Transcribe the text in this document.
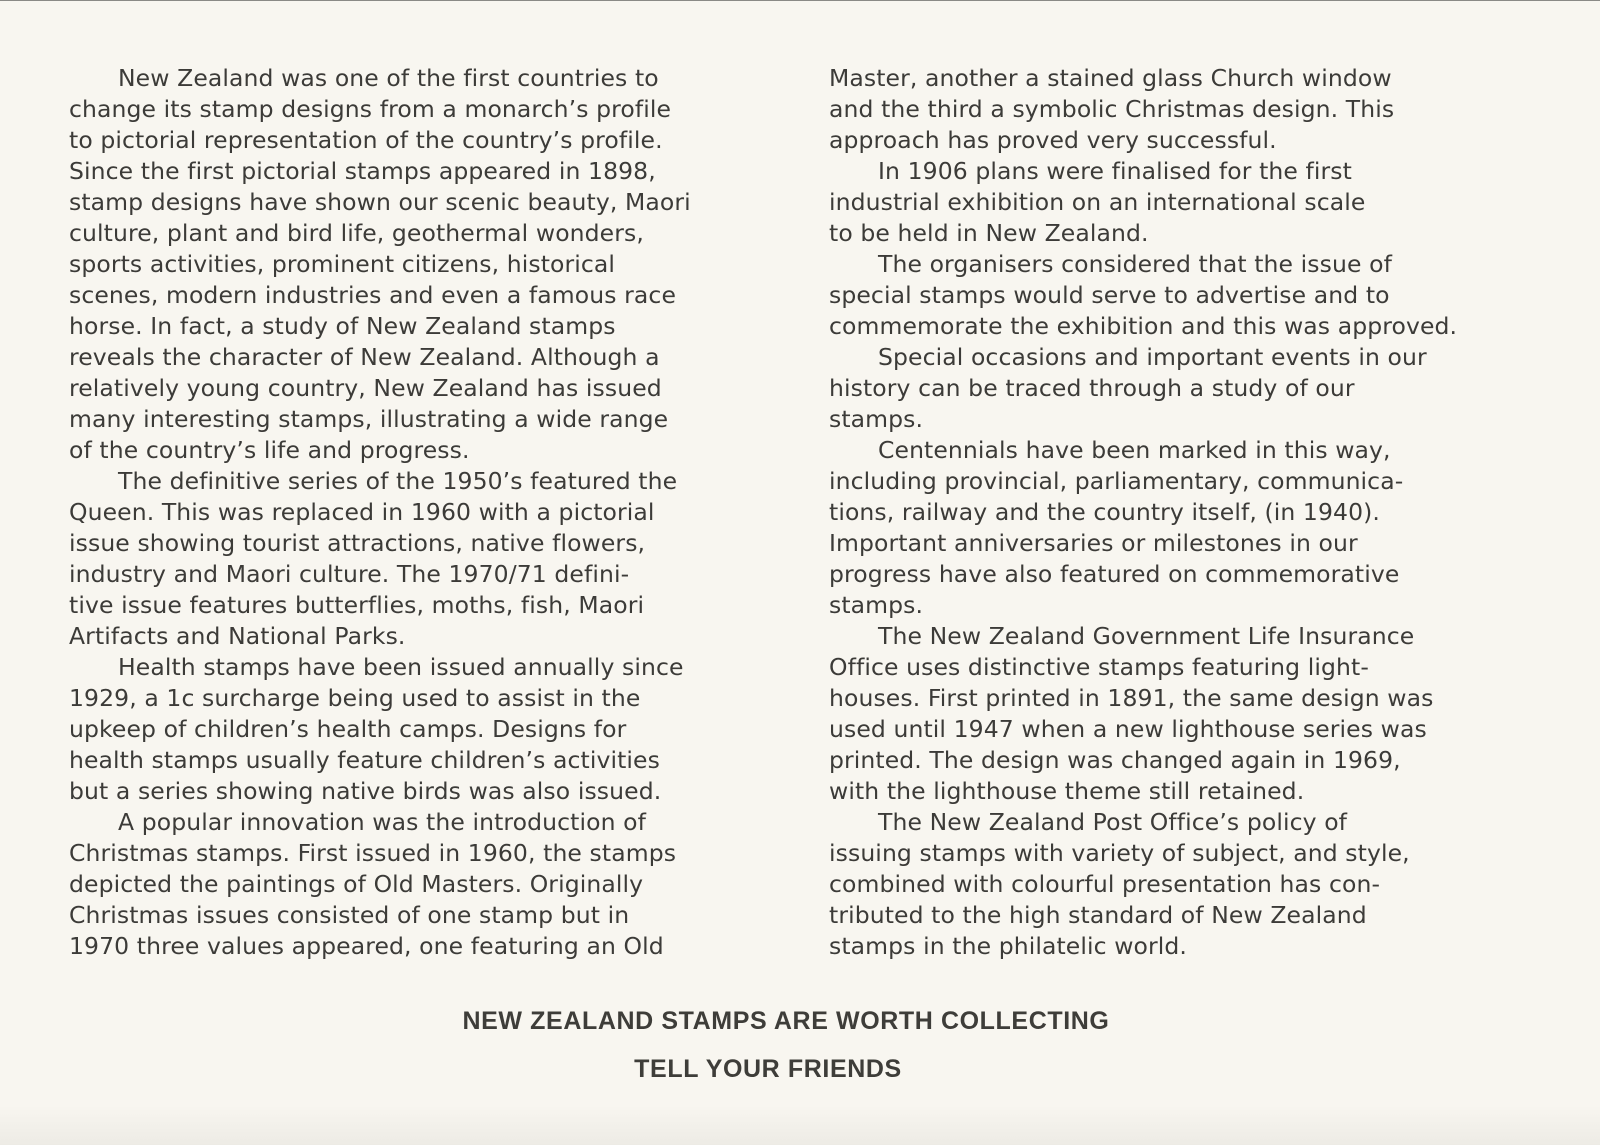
New Zealand was one of the first countries to
change its stamp designs from a monarch’s profile
to pictorial representation of the country’s profile.
Since the first pictorial stamps appeared in 1898,
stamp designs have shown our scenic beauty, Maori
culture, plant and bird life, geothermal wonders,
sports activities, prominent citizens, historical
scenes, modern industries and even a famous race
horse. In fact, a study of New Zealand stamps
reveals the character of New Zealand. Although a
relatively young country, New Zealand has issued
many interesting stamps, illustrating a wide range
of the country’s life and progress.
The definitive series of the 1950’s featured the
Queen. This was replaced in 1960 with a pictorial
issue showing tourist attractions, native flowers,
industry and Maori culture. The 1970/71 defini-
tive issue features butterflies, moths, fish, Maori
Artifacts and National Parks.
Health stamps have been issued annually since
1929, a 1c surcharge being used to assist in the
upkeep of children’s health camps. Designs for
health stamps usually feature children’s activities
but a series showing native birds was also issued.
A popular innovation was the introduction of
Christmas stamps. First issued in 1960, the stamps
depicted the paintings of Old Masters. Originally
Christmas issues consisted of one stamp but in
1970 three values appeared, one featuring an Old
Master, another a stained glass Church window
and the third a symbolic Christmas design. This
approach has proved very successful.
In 1906 plans were finalised for the first
industrial exhibition on an international scale
to be held in New Zealand.
The organisers considered that the issue of
special stamps would serve to advertise and to
commemorate the exhibition and this was approved.
Special occasions and important events in our
history can be traced through a study of our
stamps.
Centennials have been marked in this way,
including provincial, parliamentary, communica-
tions, railway and the country itself, (in 1940).
Important anniversaries or milestones in our
progress have also featured on commemorative
stamps.
The New Zealand Government Life Insurance
Office uses distinctive stamps featuring light-
houses. First printed in 1891, the same design was
used until 1947 when a new lighthouse series was
printed. The design was changed again in 1969,
with the lighthouse theme still retained.
The New Zealand Post Office’s policy of
issuing stamps with variety of subject, and style,
combined with colourful presentation has con-
tributed to the high standard of New Zealand
stamps in the philatelic world.
NEW ZEALAND STAMPS ARE WORTH COLLECTING
TELL YOUR FRIENDS
